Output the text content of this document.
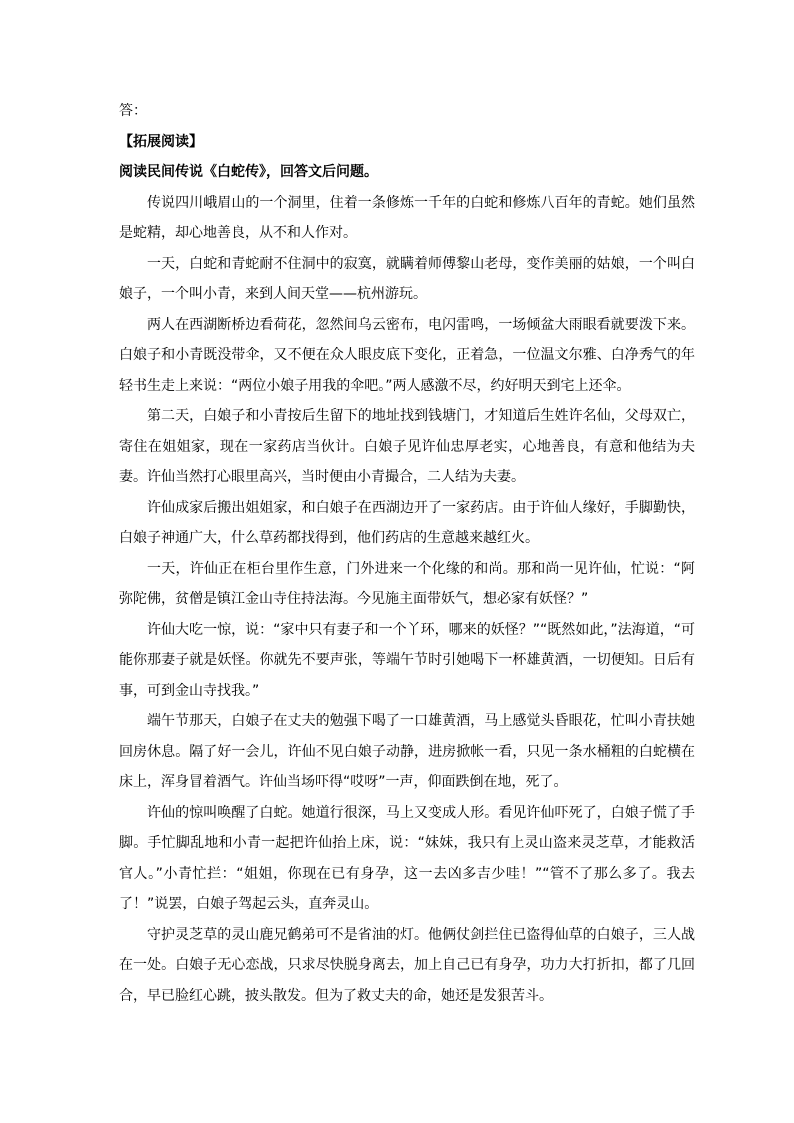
答：

【拓展阅读】

阅读民间传说《白蛇传》，回答文后问题。

传说四川峨眉山的一个洞里，住着一条修炼一千年的白蛇和修炼八百年的青蛇。她们虽然是蛇精，却心地善良，从不和人作对。

一天，白蛇和青蛇耐不住洞中的寂寞，就瞒着师傅黎山老母，变作美丽的姑娘，一个叫白娘子，一个叫小青，来到人间天堂——杭州游玩。

两人在西湖断桥边看荷花，忽然间乌云密布，电闪雷鸣，一场倾盆大雨眼看就要泼下来。白娘子和小青既没带伞，又不便在众人眼皮底下变化，正着急，一位温文尔雅、白净秀气的年轻书生走上来说：“两位小娘子用我的伞吧。”两人感激不尽，约好明天到宅上还伞。

第二天，白娘子和小青按后生留下的地址找到钱塘门，才知道后生姓许名仙，父母双亡，寄住在姐姐家，现在一家药店当伙计。白娘子见许仙忠厚老实，心地善良，有意和他结为夫妻。许仙当然打心眼里高兴，当时便由小青撮合，二人结为夫妻。

许仙成家后搬出姐姐家，和白娘子在西湖边开了一家药店。由于许仙人缘好，手脚勤快，白娘子神通广大，什么草药都找得到，他们药店的生意越来越红火。

一天，许仙正在柜台里作生意，门外进来一个化缘的和尚。那和尚一见许仙，忙说：“阿弥陀佛，贫僧是镇江金山寺住持法海。今见施主面带妖气，想必家有妖怪？”

许仙大吃一惊，说：“家中只有妻子和一个丫环，哪来的妖怪？”“既然如此，”法海道，“可能你那妻子就是妖怪。你就先不要声张，等端午节时引她喝下一杯雄黄酒，一切便知。日后有事，可到金山寺找我。”

端午节那天，白娘子在丈夫的勉强下喝了一口雄黄酒，马上感觉头昏眼花，忙叫小青扶她回房休息。隔了好一会儿，许仙不见白娘子动静，进房掀帐一看，只见一条水桶粗的白蛇横在床上，浑身冒着酒气。许仙当场吓得“哎呀”一声，仰面跌倒在地，死了。

许仙的惊叫唤醒了白蛇。她道行很深，马上又变成人形。看见许仙吓死了，白娘子慌了手脚。手忙脚乱地和小青一起把许仙抬上床，说：“妹妹，我只有上灵山盗来灵芝草，才能救活官人。”小青忙拦：“姐姐，你现在已有身孕，这一去凶多吉少哇！”“管不了那么多了。我去了！”说罢，白娘子驾起云头，直奔灵山。

守护灵芝草的灵山鹿兄鹤弟可不是省油的灯。他俩仗剑拦住已盗得仙草的白娘子，三人战在一处。白娘子无心恋战，只求尽快脱身离去，加上自己已有身孕，功力大打折扣，都了几回合，早已脸红心跳，披头散发。但为了救丈夫的命，她还是发狠苦斗。
